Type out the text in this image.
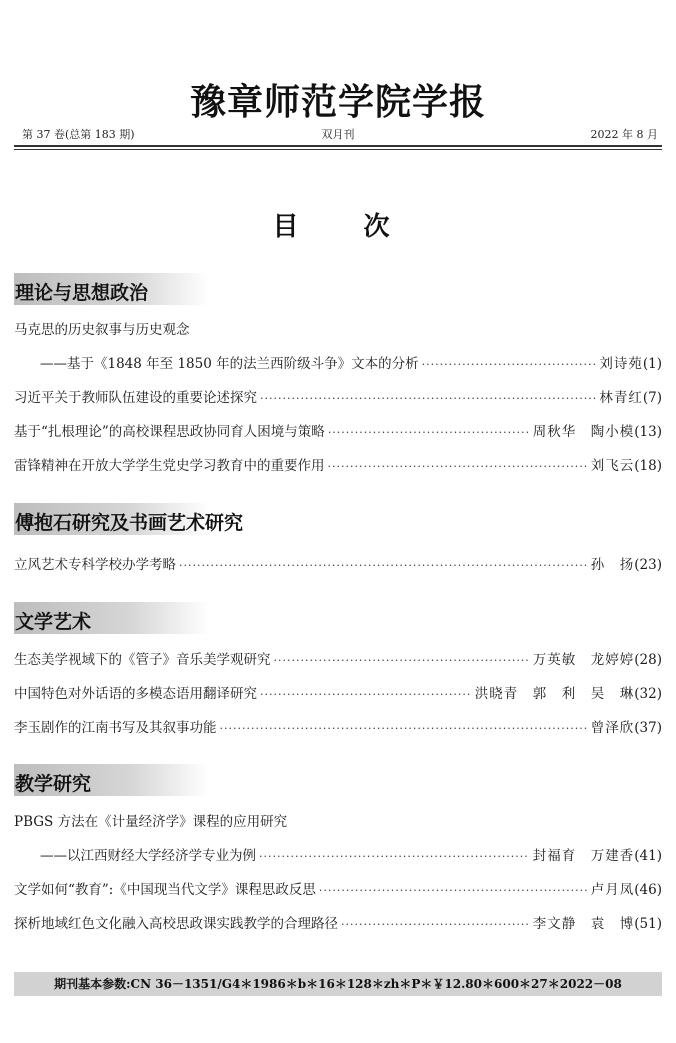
豫章师范学院学报
第 37 卷(总第 183 期)	双月刊	2022 年 8 月
目 次
理论与思想政治
马克思的历史叙事与历史观念
——基于《1848 年至 1850 年的法兰西阶级斗争》文本的分析 ·····	刘诗苑 (1)
习近平关于教师队伍建设的重要论述探究 ·····	林青红 (7)
基于“扎根理论”的高校课程思政协同育人困境与策略 ·····	周秋华　陶小模 (13)
雷锋精神在开放大学学生党史学习教育中的重要作用 ·····	刘飞云 (18)
傅抱石研究及书画艺术研究
立风艺术专科学校办学考略 ·····	孙　扬 (23)
文学艺术
生态美学视域下的《管子》音乐美学观研究 ·····	万英敏　龙婷婷 (28)
中国特色对外话语的多模态语用翻译研究 ·····	洪晓青　郭　利　吴　琳 (32)
李玉剧作的江南书写及其叙事功能 ·····	曾泽欣 (37)
教学研究
PBGS 方法在《计量经济学》课程的应用研究
——以江西财经大学经济学专业为例 ·····	封福育　万建香 (41)
文学如何“教育”:《中国现当代文学》课程思政反思 ·····	卢月凤 (46)
探析地域红色文化融入高校思政课实践教学的合理路径 ·····	李文静　袁　博 (51)
期刊基本参数:CN 36－1351/G4＊1986＊b＊16＊128＊zh＊P＊￥12.80＊600＊27＊2022－08
